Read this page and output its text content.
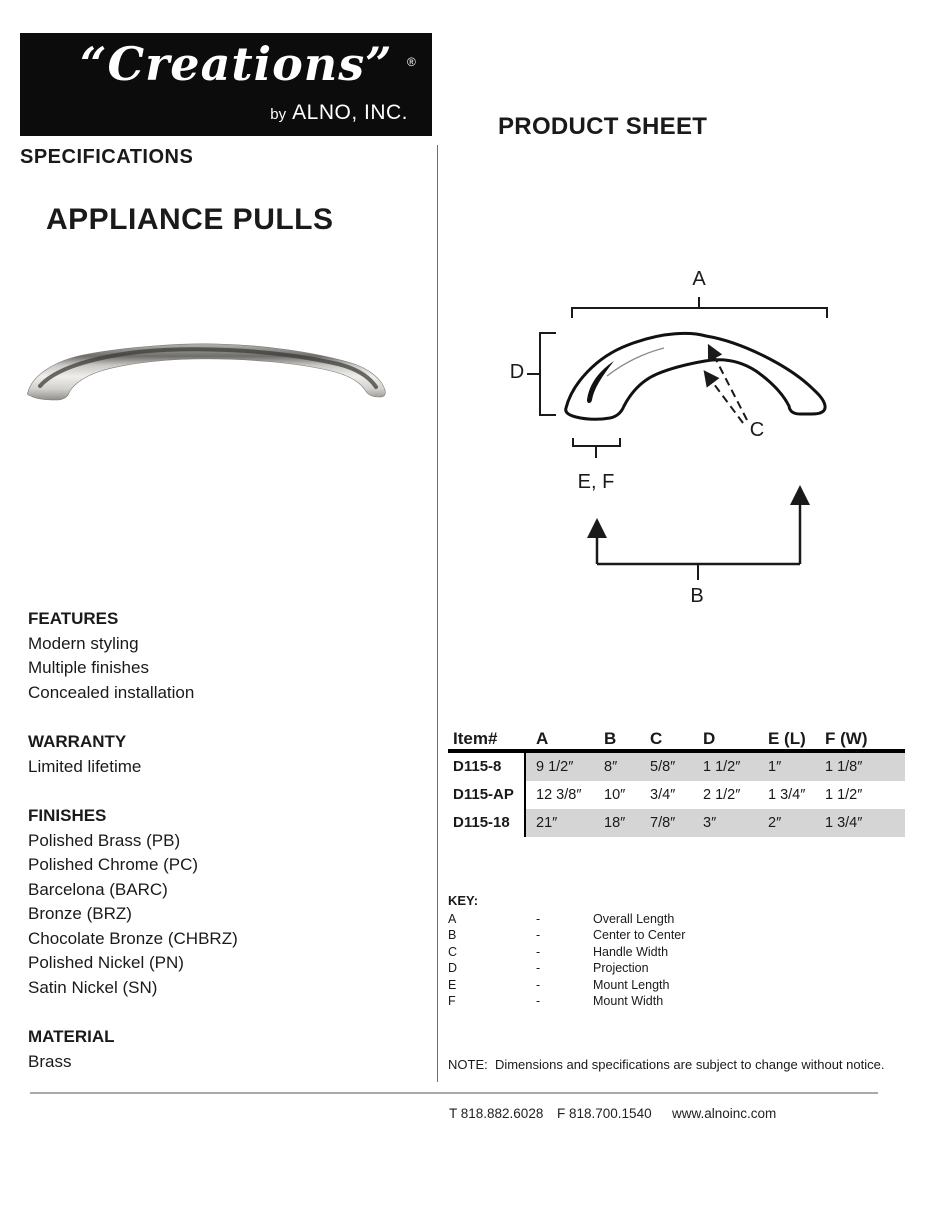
“Creations” ®
by ALNO, INC.
SPECIFICATIONS
APPLIANCE PULLS
FEATURES
Modern styling
Multiple finishes
Concealed installation
WARRANTY
Limited lifetime
FINISHES
Polished Brass (PB)
Polished Chrome (PC)
Barcelona (BARC)
Bronze (BRZ)
Chocolate Bronze (CHBRZ)
Polished Nickel (PN)
Satin Nickel (SN)
MATERIAL
Brass
PRODUCT SHEET
A
D
C
E, F
B
Item#	A	B	C	D	E (L)	F (W)
D115-8	9 1/2″	8″	5/8″	1 1/2″	1″	1 1/8″
D115-AP	12 3/8″	10″	3/4″	2 1/2″	1 3/4″	1 1/2″
D115-18	21″	18″	7/8″	3″	2″	1 3/4″
KEY:
A	-	Overall Length
B	-	Center to Center
C	-	Handle Width
D	-	Projection
E	-	Mount Length
F	-	Mount Width
NOTE:  Dimensions and specifications are subject to change without notice.
T 818.882.6028 F 818.700.1540 www.alnoinc.com
